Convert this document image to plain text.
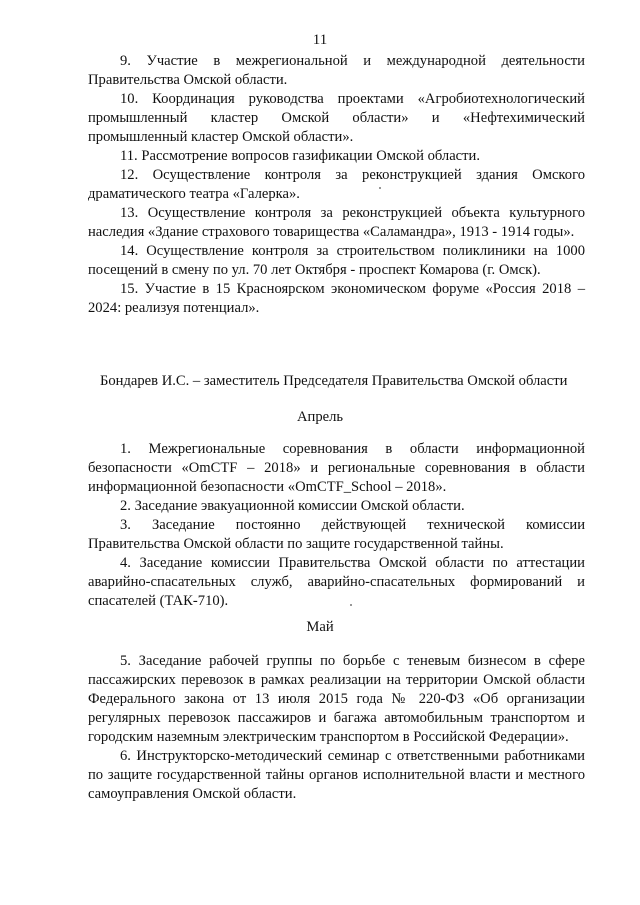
11

9. Участие в межрегиональной и международной деятельности Правительства Омской области.

10. Координация руководства проектами «Агробиотехнологический промышленный кластер Омской области» и «Нефтехимический промышленный кластер Омской области».

11. Рассмотрение вопросов газификации Омской области.

12. Осуществление контроля за реконструкцией здания Омского драматического театра «Галерка».

13. Осуществление контроля за реконструкцией объекта культурного наследия «Здание страхового товарищества «Саламандра», 1913 - 1914 годы».

14. Осуществление контроля за строительством поликлиники на 1000 посещений в смену по ул. 70 лет Октября - проспект Комарова (г. Омск).

15. Участие в 15 Красноярском экономическом форуме «Россия 2018 – 2024: реализуя потенциал».

Бондарев И.С. – заместитель Председателя Правительства Омской области
Апрель

1. Межрегиональные соревнования в области информационной безопасности «OmCTF – 2018» и региональные соревнования в области информационной безопасности «OmCTF_School – 2018».

2. Заседание эвакуационной комиссии Омской области.

3. Заседание постоянно действующей технической комиссии Правительства Омской области по защите государственной тайны.

4. Заседание комиссии Правительства Омской области по аттестации аварийно-спасательных служб, аварийно-спасательных формирований и спасателей (ТАК-710).

Май

5. Заседание рабочей группы по борьбе с теневым бизнесом в сфере пассажирских перевозок в рамках реализации на территории Омской области Федерального закона от 13 июля 2015 года № 220-ФЗ «Об организации регулярных перевозок пассажиров и багажа автомобильным транспортом и городским наземным электрическим транспортом в Российской Федерации».

6. Инструкторско-методический семинар с ответственными работниками по защите государственной тайны органов исполнительной власти и местного самоуправления Омской области.
